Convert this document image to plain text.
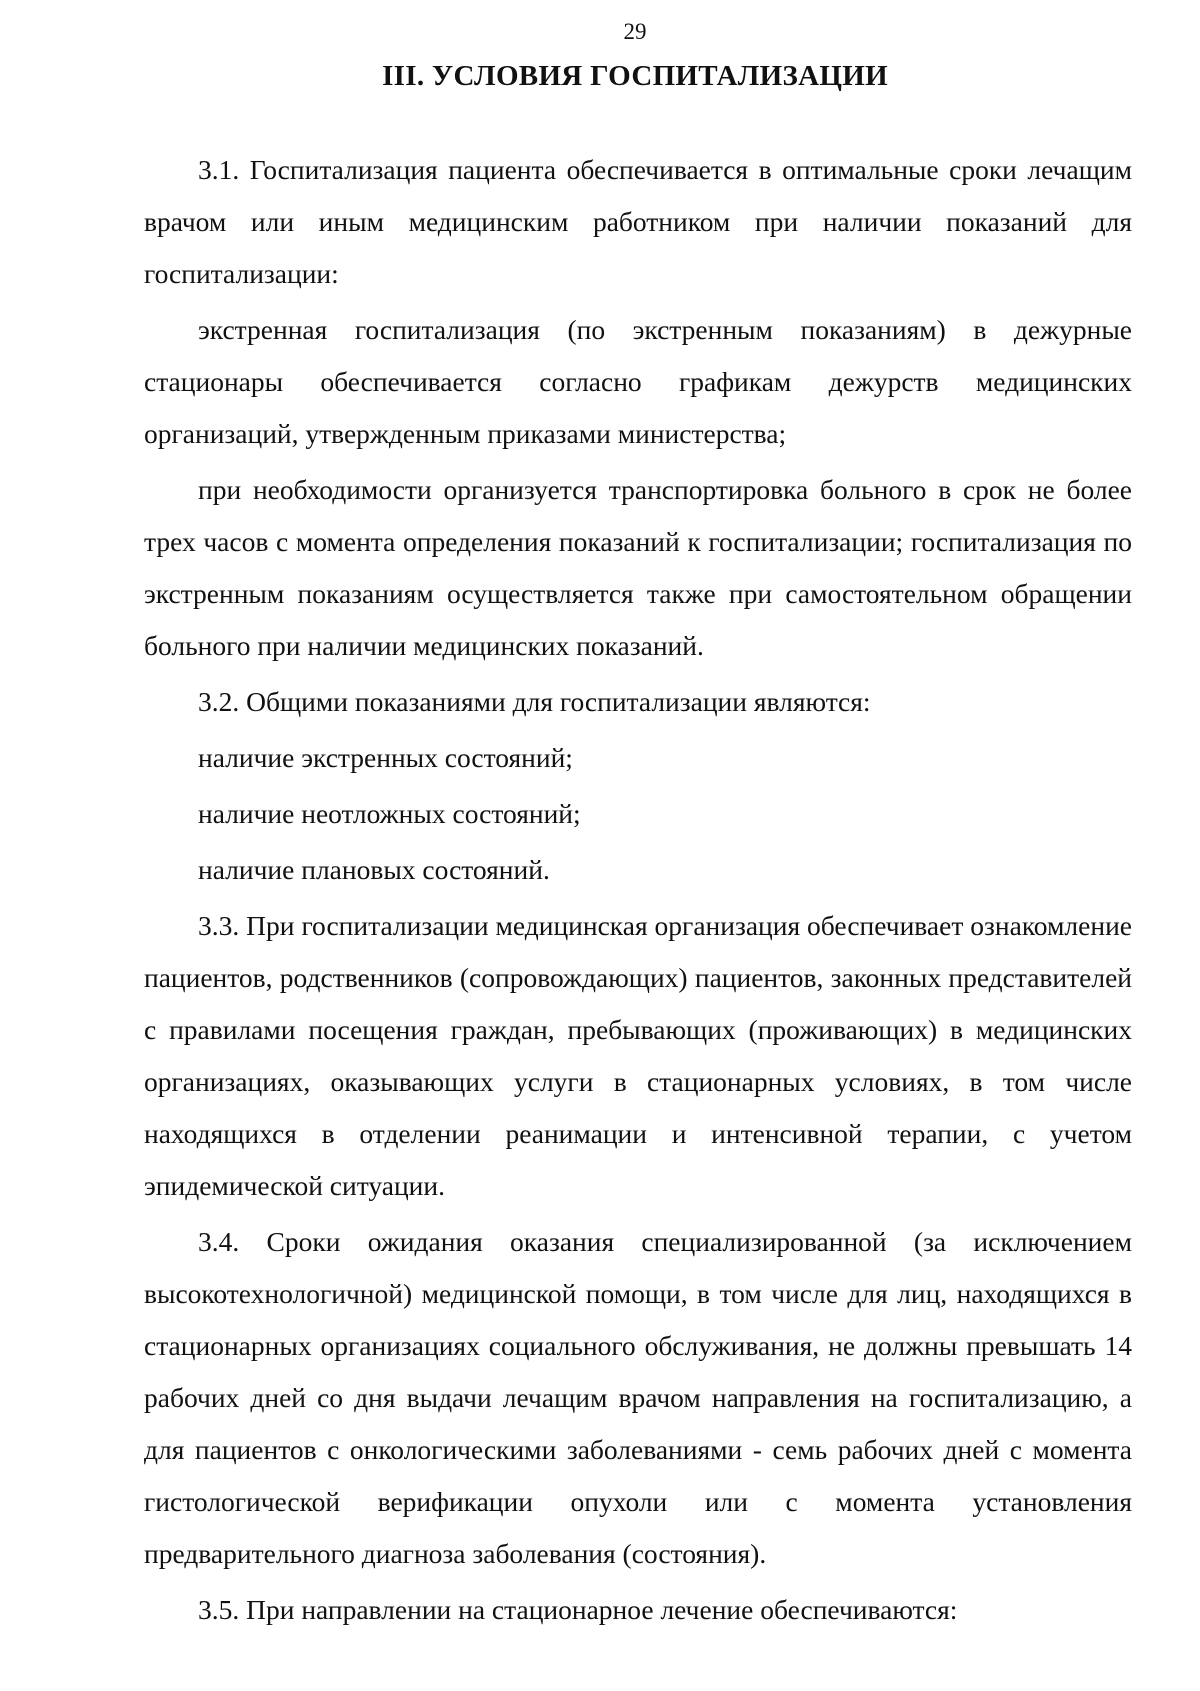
29
III. УСЛОВИЯ ГОСПИТАЛИЗАЦИИ

3.1. Госпитализация пациента обеспечивается в оптимальные сроки лечащим врачом или иным медицинским работником при наличии показаний для госпитализации:

экстренная госпитализация (по экстренным показаниям) в дежурные стационары обеспечивается согласно графикам дежурств медицинских организаций, утвержденным приказами министерства;

при необходимости организуется транспортировка больного в срок не более трех часов с момента определения показаний к госпитализации; госпитализация по экстренным показаниям осуществляется также при самостоятельном обращении больного при наличии медицинских показаний.

3.2. Общими показаниями для госпитализации являются:

наличие экстренных состояний;

наличие неотложных состояний;

наличие плановых состояний.

3.3. При госпитализации медицинская организация обеспечивает ознакомление пациентов, родственников (сопровождающих) пациентов, законных представителей с правилами посещения граждан, пребывающих (проживающих) в медицинских организациях, оказывающих услуги в стационарных условиях, в том числе находящихся в отделении реанимации и интенсивной терапии, с учетом эпидемической ситуации.

3.4. Сроки ожидания оказания специализированной (за исключением высокотехнологичной) медицинской помощи, в том числе для лиц, находящихся в стационарных организациях социального обслуживания, не должны превышать 14 рабочих дней со дня выдачи лечащим врачом направления на госпитализацию, а для пациентов с онкологическими заболеваниями - семь рабочих дней с момента гистологической верификации опухоли или с момента установления предварительного диагноза заболевания (состояния).

3.5. При направлении на стационарное лечение обеспечиваются:
